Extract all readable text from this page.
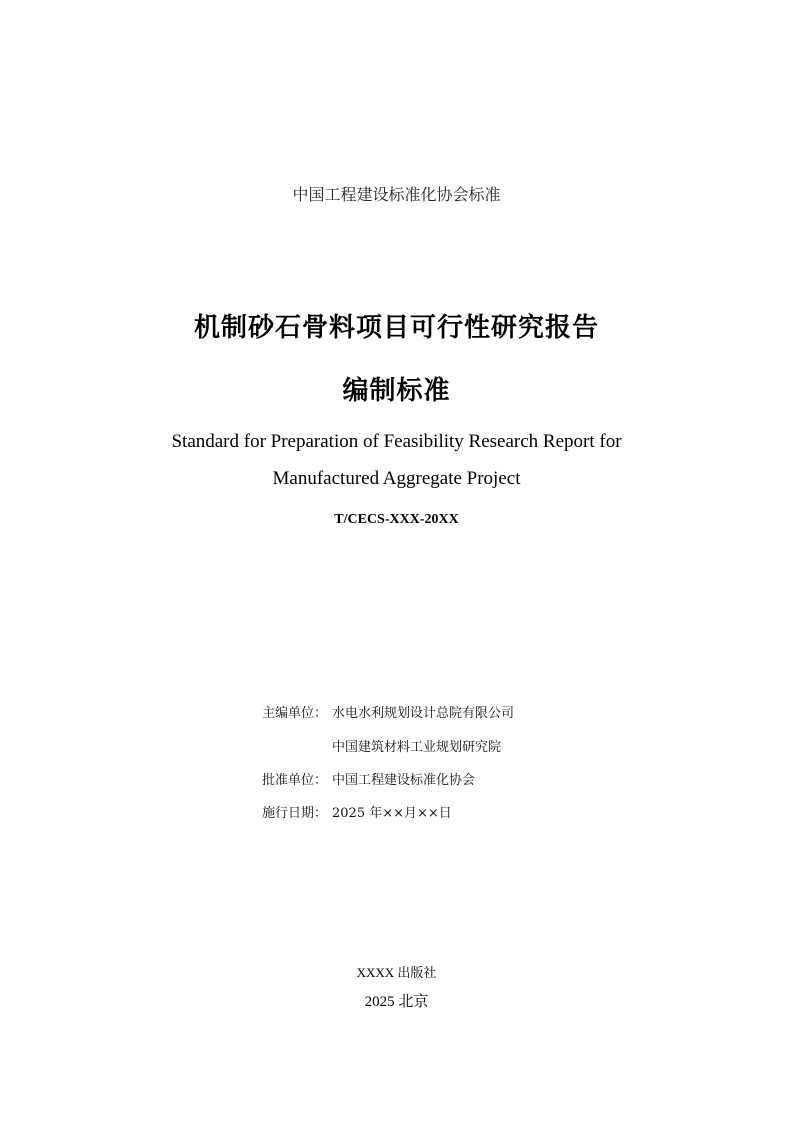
中国工程建设标准化协会标准
机制砂石骨料项目可行性研究报告
编制标准
Standard for Preparation of Feasibility Research Report for
Manufactured Aggregate Project
T/CECS-XXX-20XX
主编单位： 水电水利规划设计总院有限公司
中国建筑材料工业规划研究院
批准单位： 中国工程建设标准化协会
施行日期： 2025 年××月××日
XXXX 出版社
2025 北京
